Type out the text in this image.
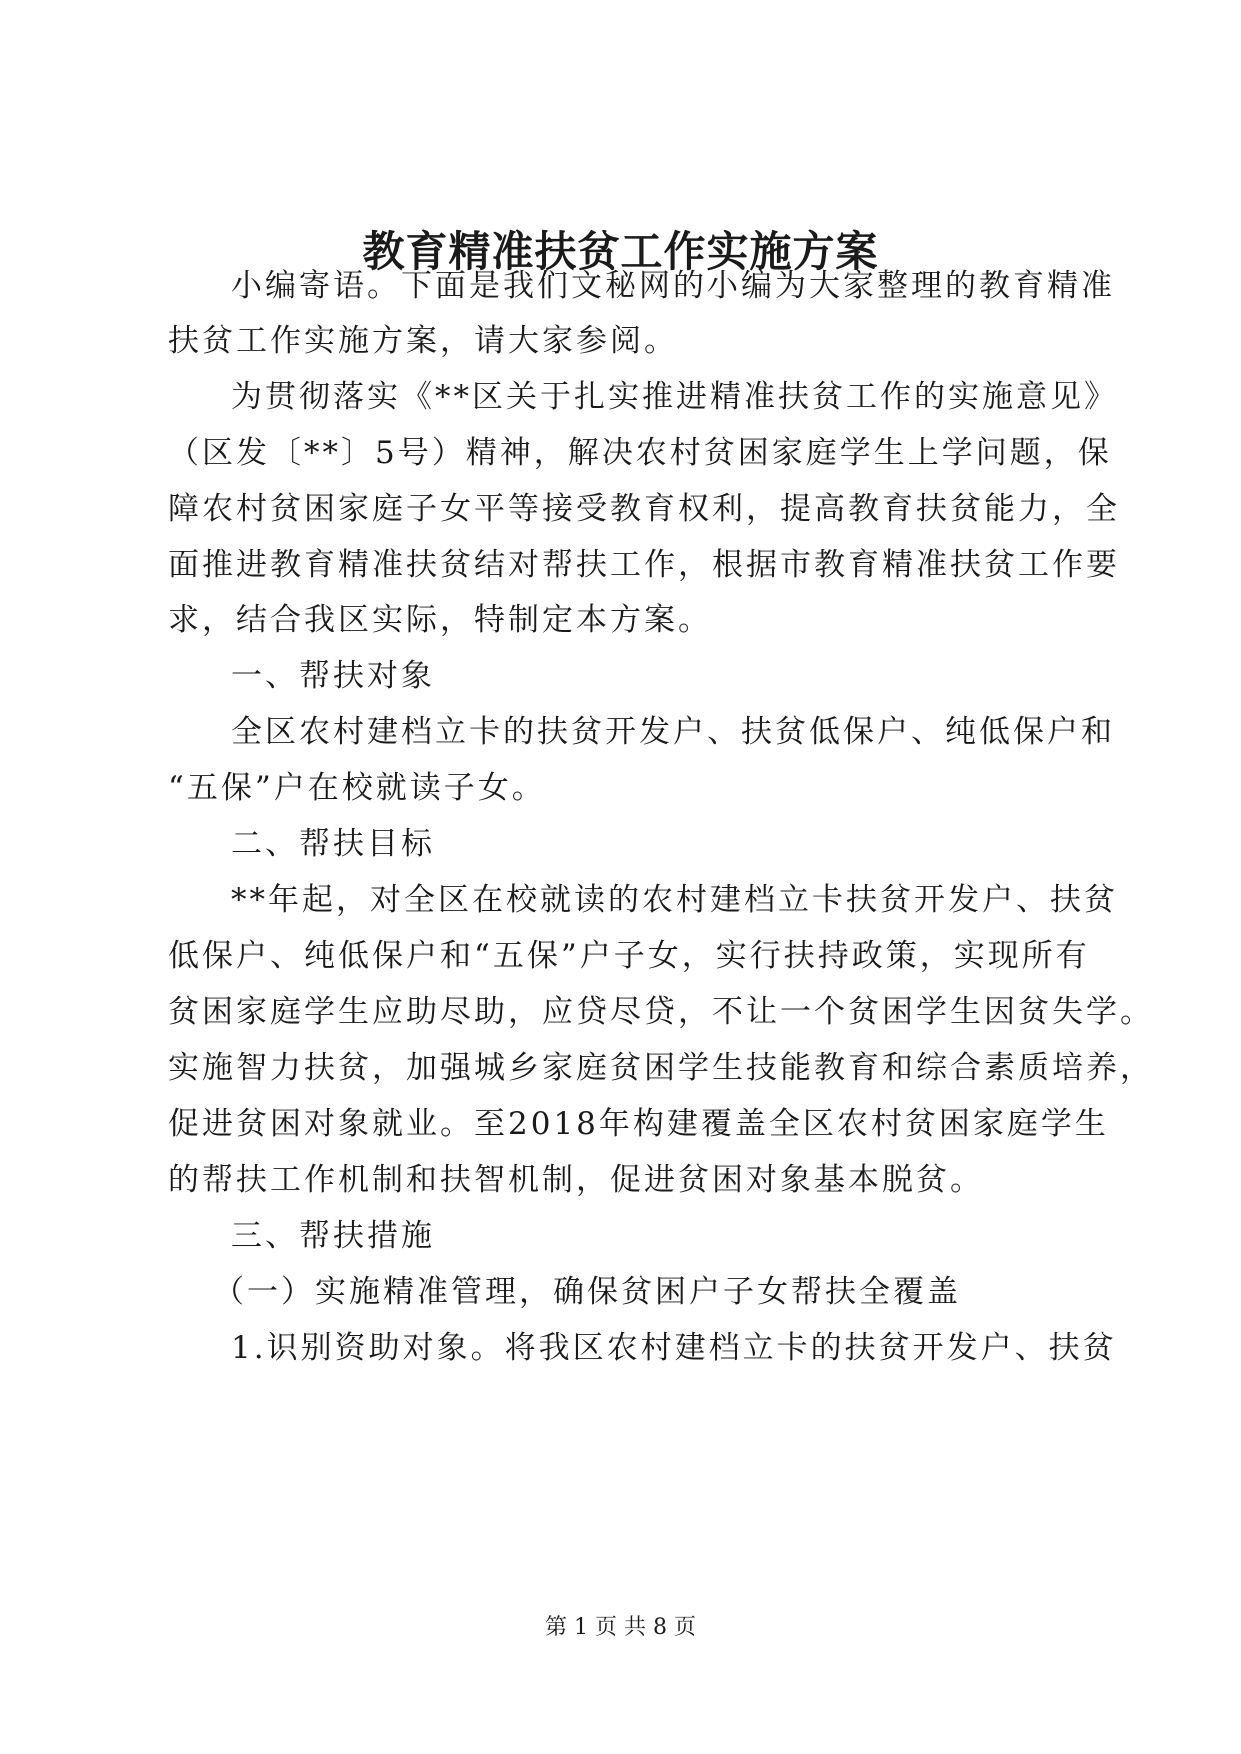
教育精准扶贫工作实施方案

小编寄语。下面是我们文秘网的小编为大家整理的教育精准

扶贫工作实施方案，请大家参阅。

为贯彻落实《**区关于扎实推进精准扶贫工作的实施意见》

（区发〔**〕5号）精神，解决农村贫困家庭学生上学问题，保

障农村贫困家庭子女平等接受教育权利，提高教育扶贫能力，全

面推进教育精准扶贫结对帮扶工作，根据市教育精准扶贫工作要

求，结合我区实际，特制定本方案。

一、帮扶对象

全区农村建档立卡的扶贫开发户、扶贫低保户、纯低保户和

“五保”户在校就读子女。

二、帮扶目标

**年起，对全区在校就读的农村建档立卡扶贫开发户、扶贫

低保户、纯低保户和“五保”户子女，实行扶持政策，实现所有

贫困家庭学生应助尽助，应贷尽贷，不让一个贫困学生因贫失学。

实施智力扶贫，加强城乡家庭贫困学生技能教育和综合素质培养，

促进贫困对象就业。至2018年构建覆盖全区农村贫困家庭学生

的帮扶工作机制和扶智机制，促进贫困对象基本脱贫。

三、帮扶措施

（一）实施精准管理，确保贫困户子女帮扶全覆盖

1.识别资助对象。将我区农村建档立卡的扶贫开发户、扶贫

第 1 页 共 8 页
